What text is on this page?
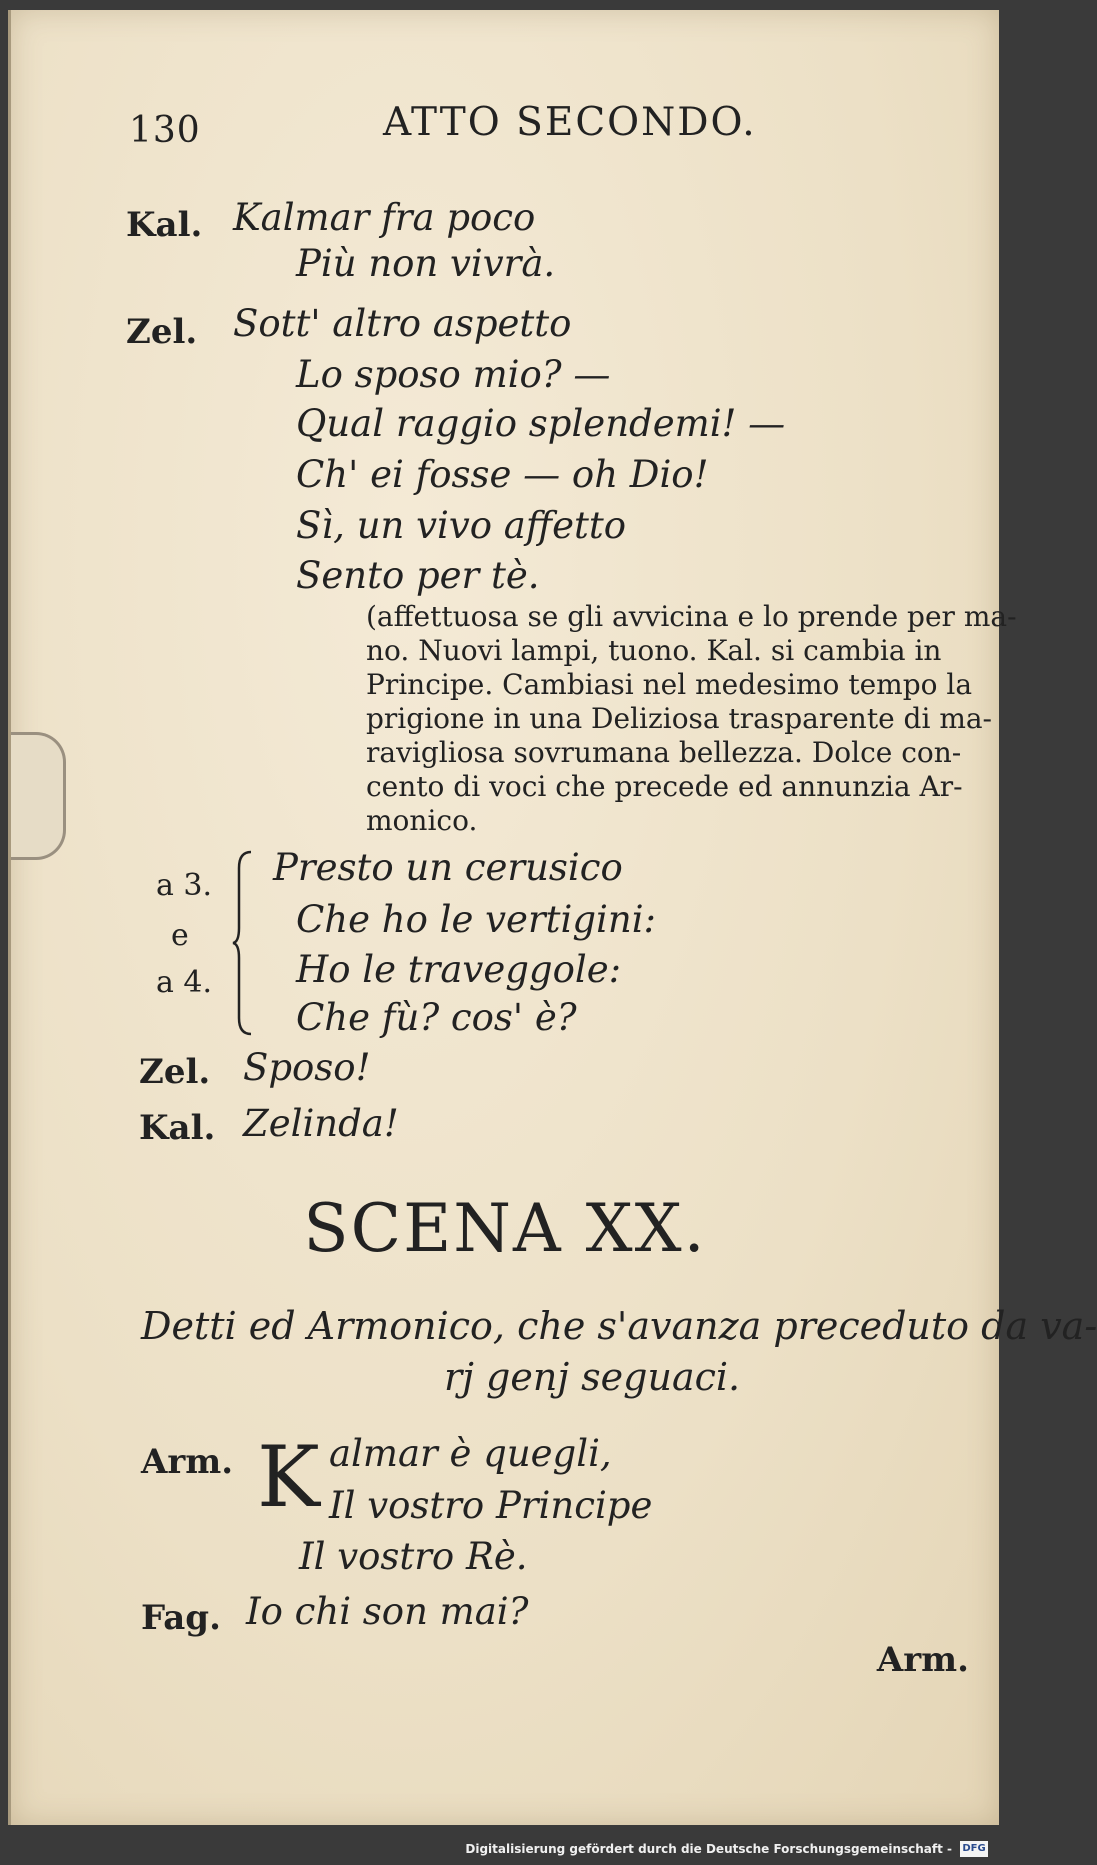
130	ATTO SECONDO.
Kal. Kalmar fra poco
Più non vivrà.
Zel. Sott' altro aspetto
Lo sposo mio? —
Qual raggio splendemi! —
Ch' ei fosse — oh Dio!
Sì, un vivo affetto
Sento per tè.
(affettuosa se gli avvicina e lo prende per ma-
no. Nuovi lampi, tuono. Kal. si cambia in
Principe. Cambiasi nel medesimo tempo la
prigione in una Deliziosa trasparente di ma-
ravigliosa sovrumana bellezza. Dolce con-
cento di voci che precede ed annunzia Ar-
monico.
a 3.
e
a 4.
Presto un cerusico
Che ho le vertigini:
Ho le traveggole:
Che fù? cos' è?
Zel. Sposo!
Kal. Zelinda!
SCENA XX.
Detti ed Armonico, che s'avanza preceduto da va-
rj genj seguaci.
Arm. K almar è quegli,
Il vostro Principe
Il vostro Rè.
Fag. Io chi son mai?
Arm.
Digitalisierung gefördert durch die Deutsche Forschungsgemeinschaft - DFG
